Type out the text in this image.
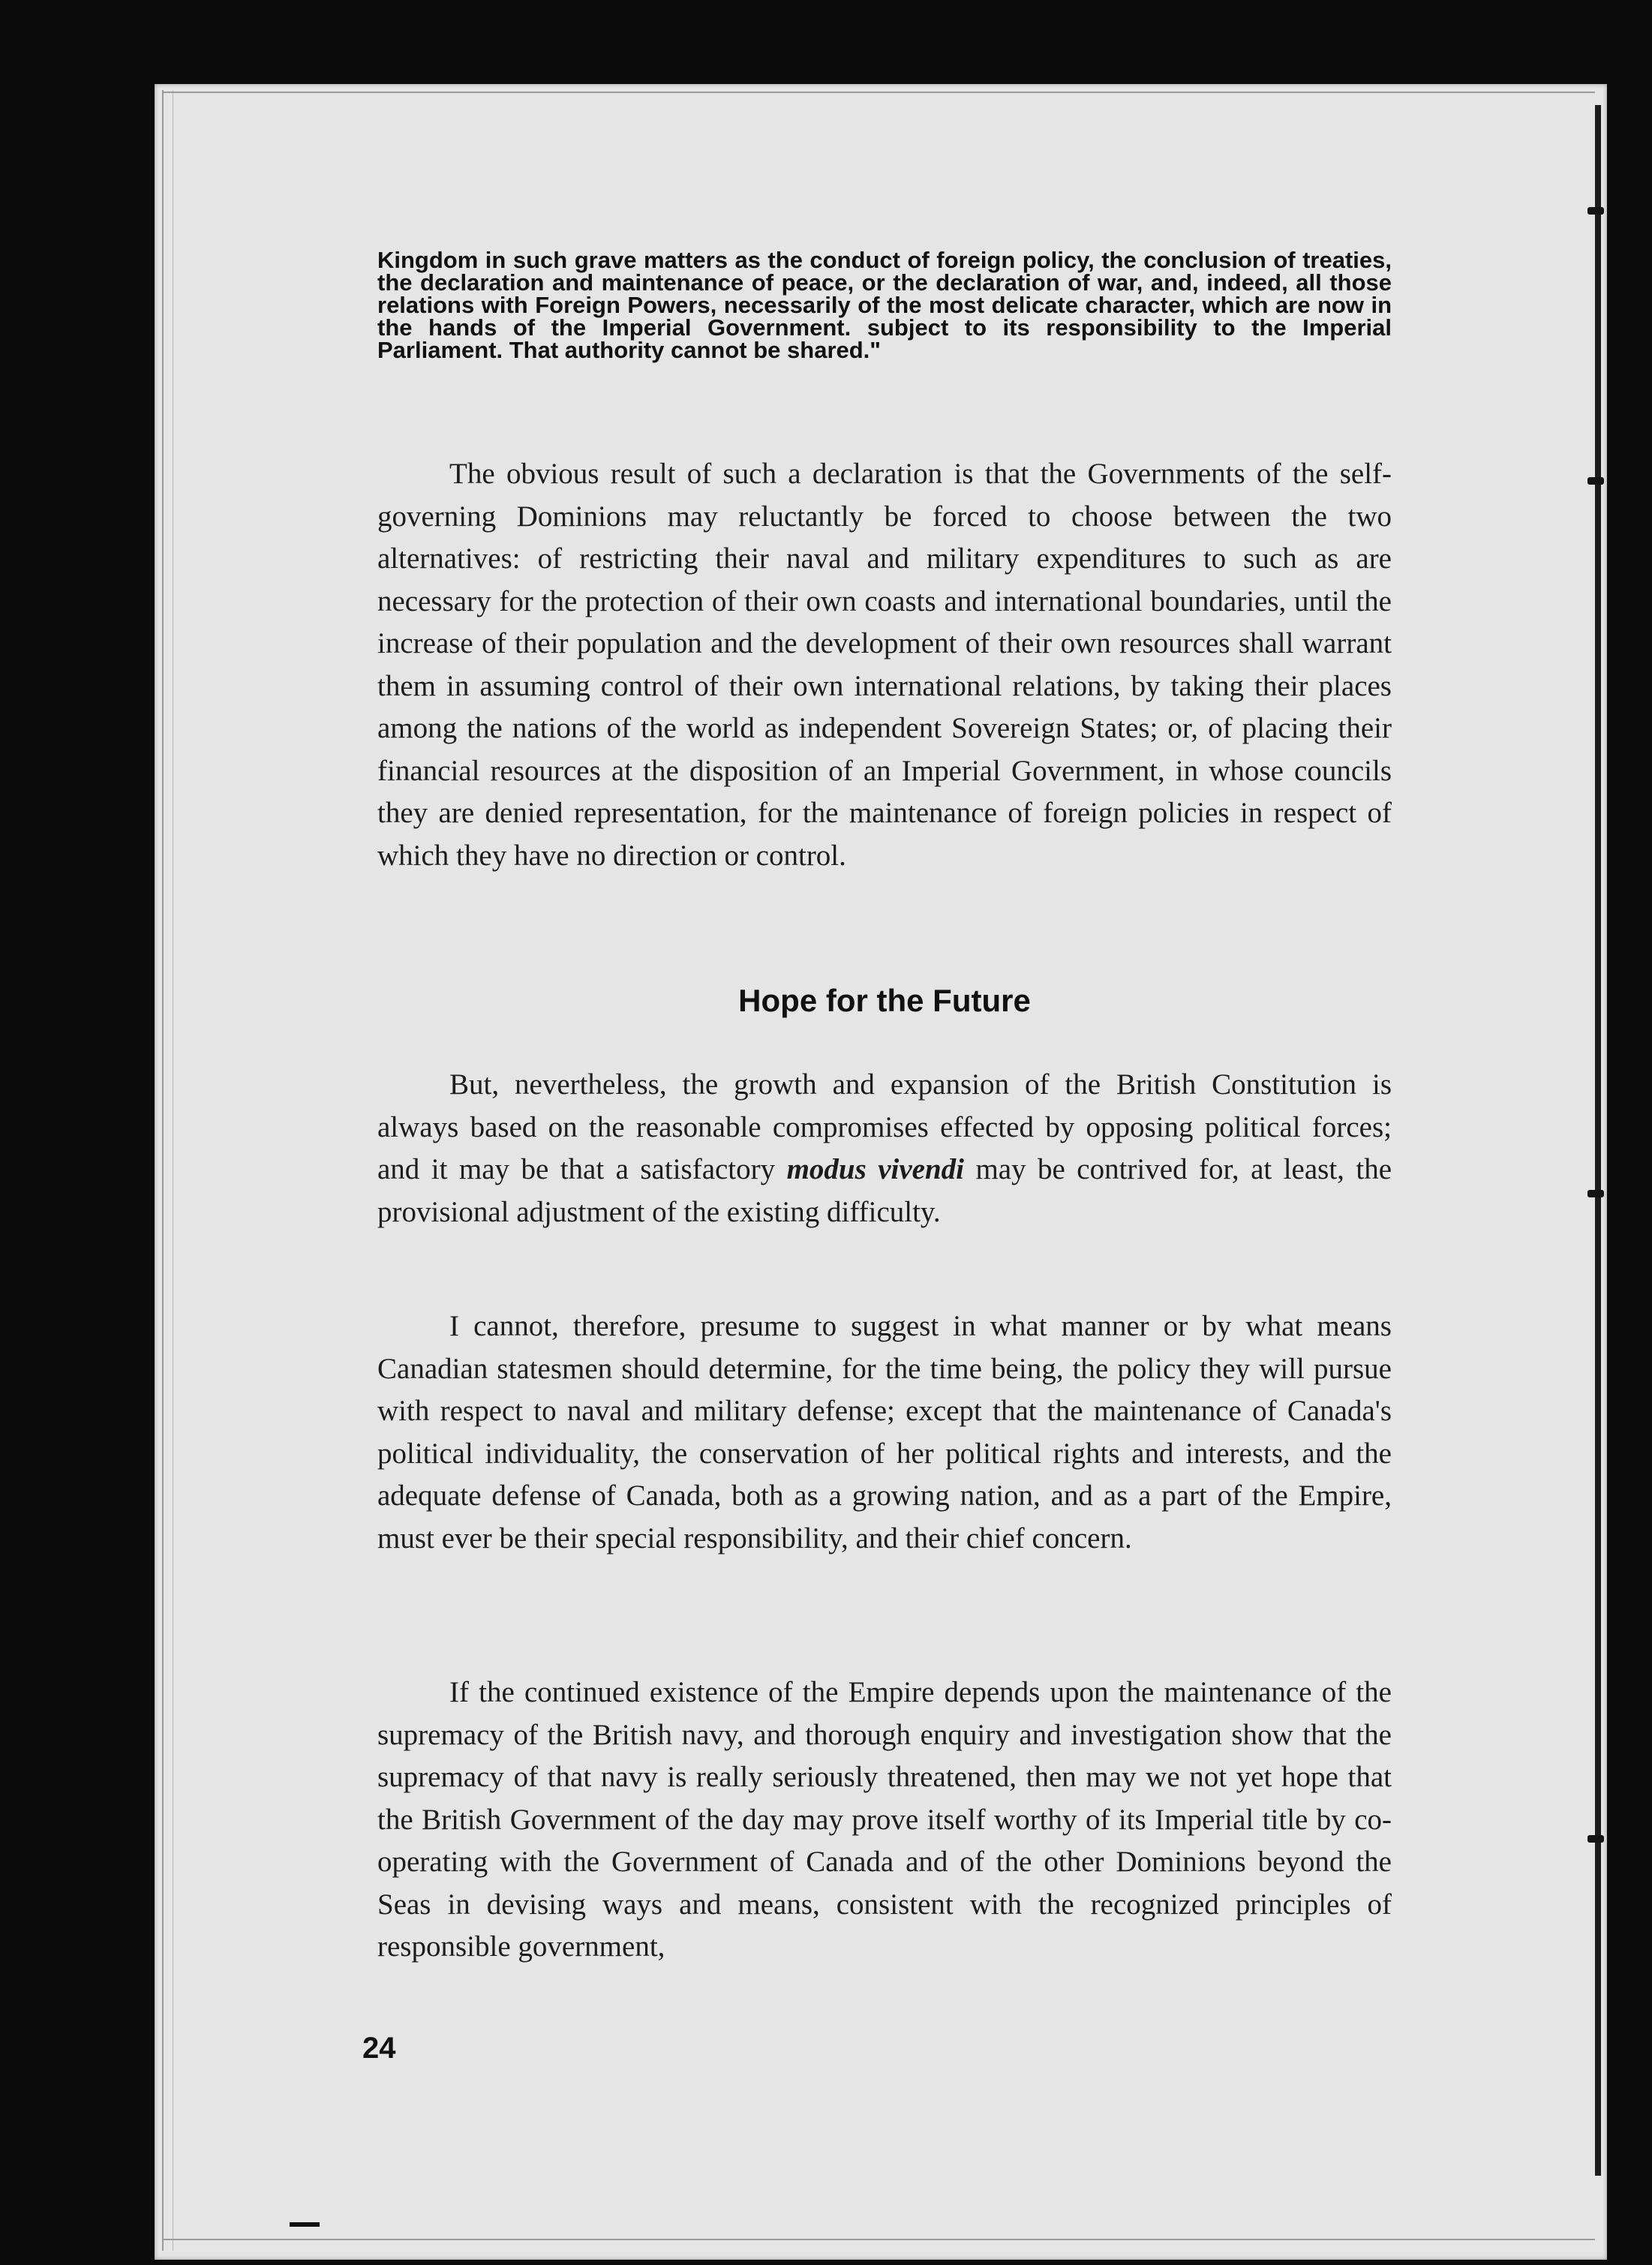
Kingdom in such grave matters as the conduct of foreign policy, the conclusion of treaties, the declaration and maintenance of peace, or the declaration of war, and, indeed, all those relations with Foreign Powers, necessarily of the most delicate character, which are now in the hands of the Imperial Government. subject to its responsibility to the Imperial Parliament. That authority cannot be shared."

The obvious result of such a declaration is that the Governments of the self-governing Dominions may reluctantly be forced to choose between the two alternatives: of restricting their naval and military expenditures to such as are necessary for the protection of their own coasts and international boundaries, until the increase of their population and the development of their own resources shall warrant them in assuming control of their own international relations, by taking their places among the nations of the world as independent Sovereign States; or, of placing their financial resources at the disposition of an Imperial Government, in whose councils they are denied representation, for the maintenance of foreign policies in respect of which they have no direction or control.

Hope for the Future

But, nevertheless, the growth and expansion of the British Constitution is always based on the reasonable compromises effected by opposing political forces; and it may be that a satisfactory modus vivendi may be contrived for, at least, the provisional adjustment of the existing difficulty.

I cannot, therefore, presume to suggest in what manner or by what means Canadian statesmen should determine, for the time being, the policy they will pursue with respect to naval and military defense; except that the maintenance of Canada's political individuality, the conservation of her political rights and interests, and the adequate defense of Canada, both as a growing nation, and as a part of the Empire, must ever be their special responsibility, and their chief concern.

If the continued existence of the Empire depends upon the maintenance of the supremacy of the British navy, and thorough enquiry and investigation show that the supremacy of that navy is really seriously threatened, then may we not yet hope that the British Government of the day may prove itself worthy of its Imperial title by co-operating with the Government of Canada and of the other Dominions beyond the Seas in devising ways and means, consistent with the recognized principles of responsible government,

24
